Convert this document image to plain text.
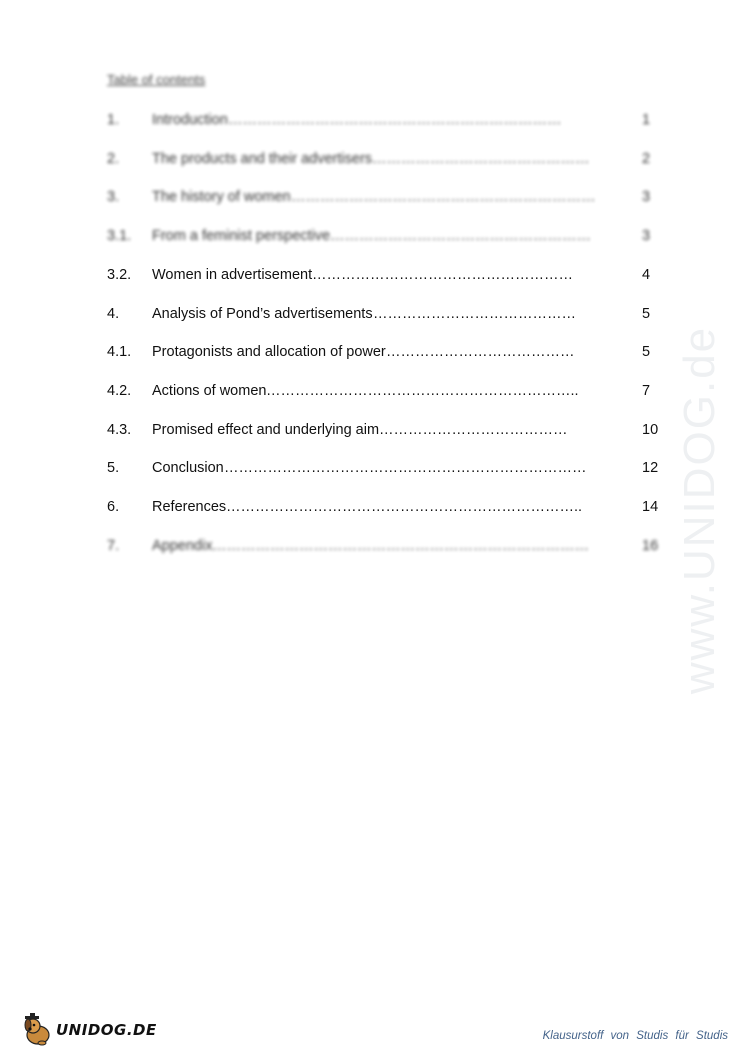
Table of contents
1. Introduction ……………………………………………………………	1
2. The products and their advertisers ………………………………………	2
3. The history of women ………………………………………………………	3
3.1. From a feminist perspective ………………………………………………	3
3.2. Women in advertisement ………………………………………………	4
4. Analysis of Pond’s advertisements ……………………………………	5
4.1. Protagonists and allocation of power …………………………………	5
4.2. Actions of women ………………………………………………………..	7
4.3. Promised effect and underlying aim …………………………………	10
5. Conclusion …………………………………………………………………	12
6. References ………………………………………………………………..	14
7. Appendix ……………………………………………………………………	16 www.UNIDOG.de
UNIDOG.DE	Klausurstoff von Studis für Studis
